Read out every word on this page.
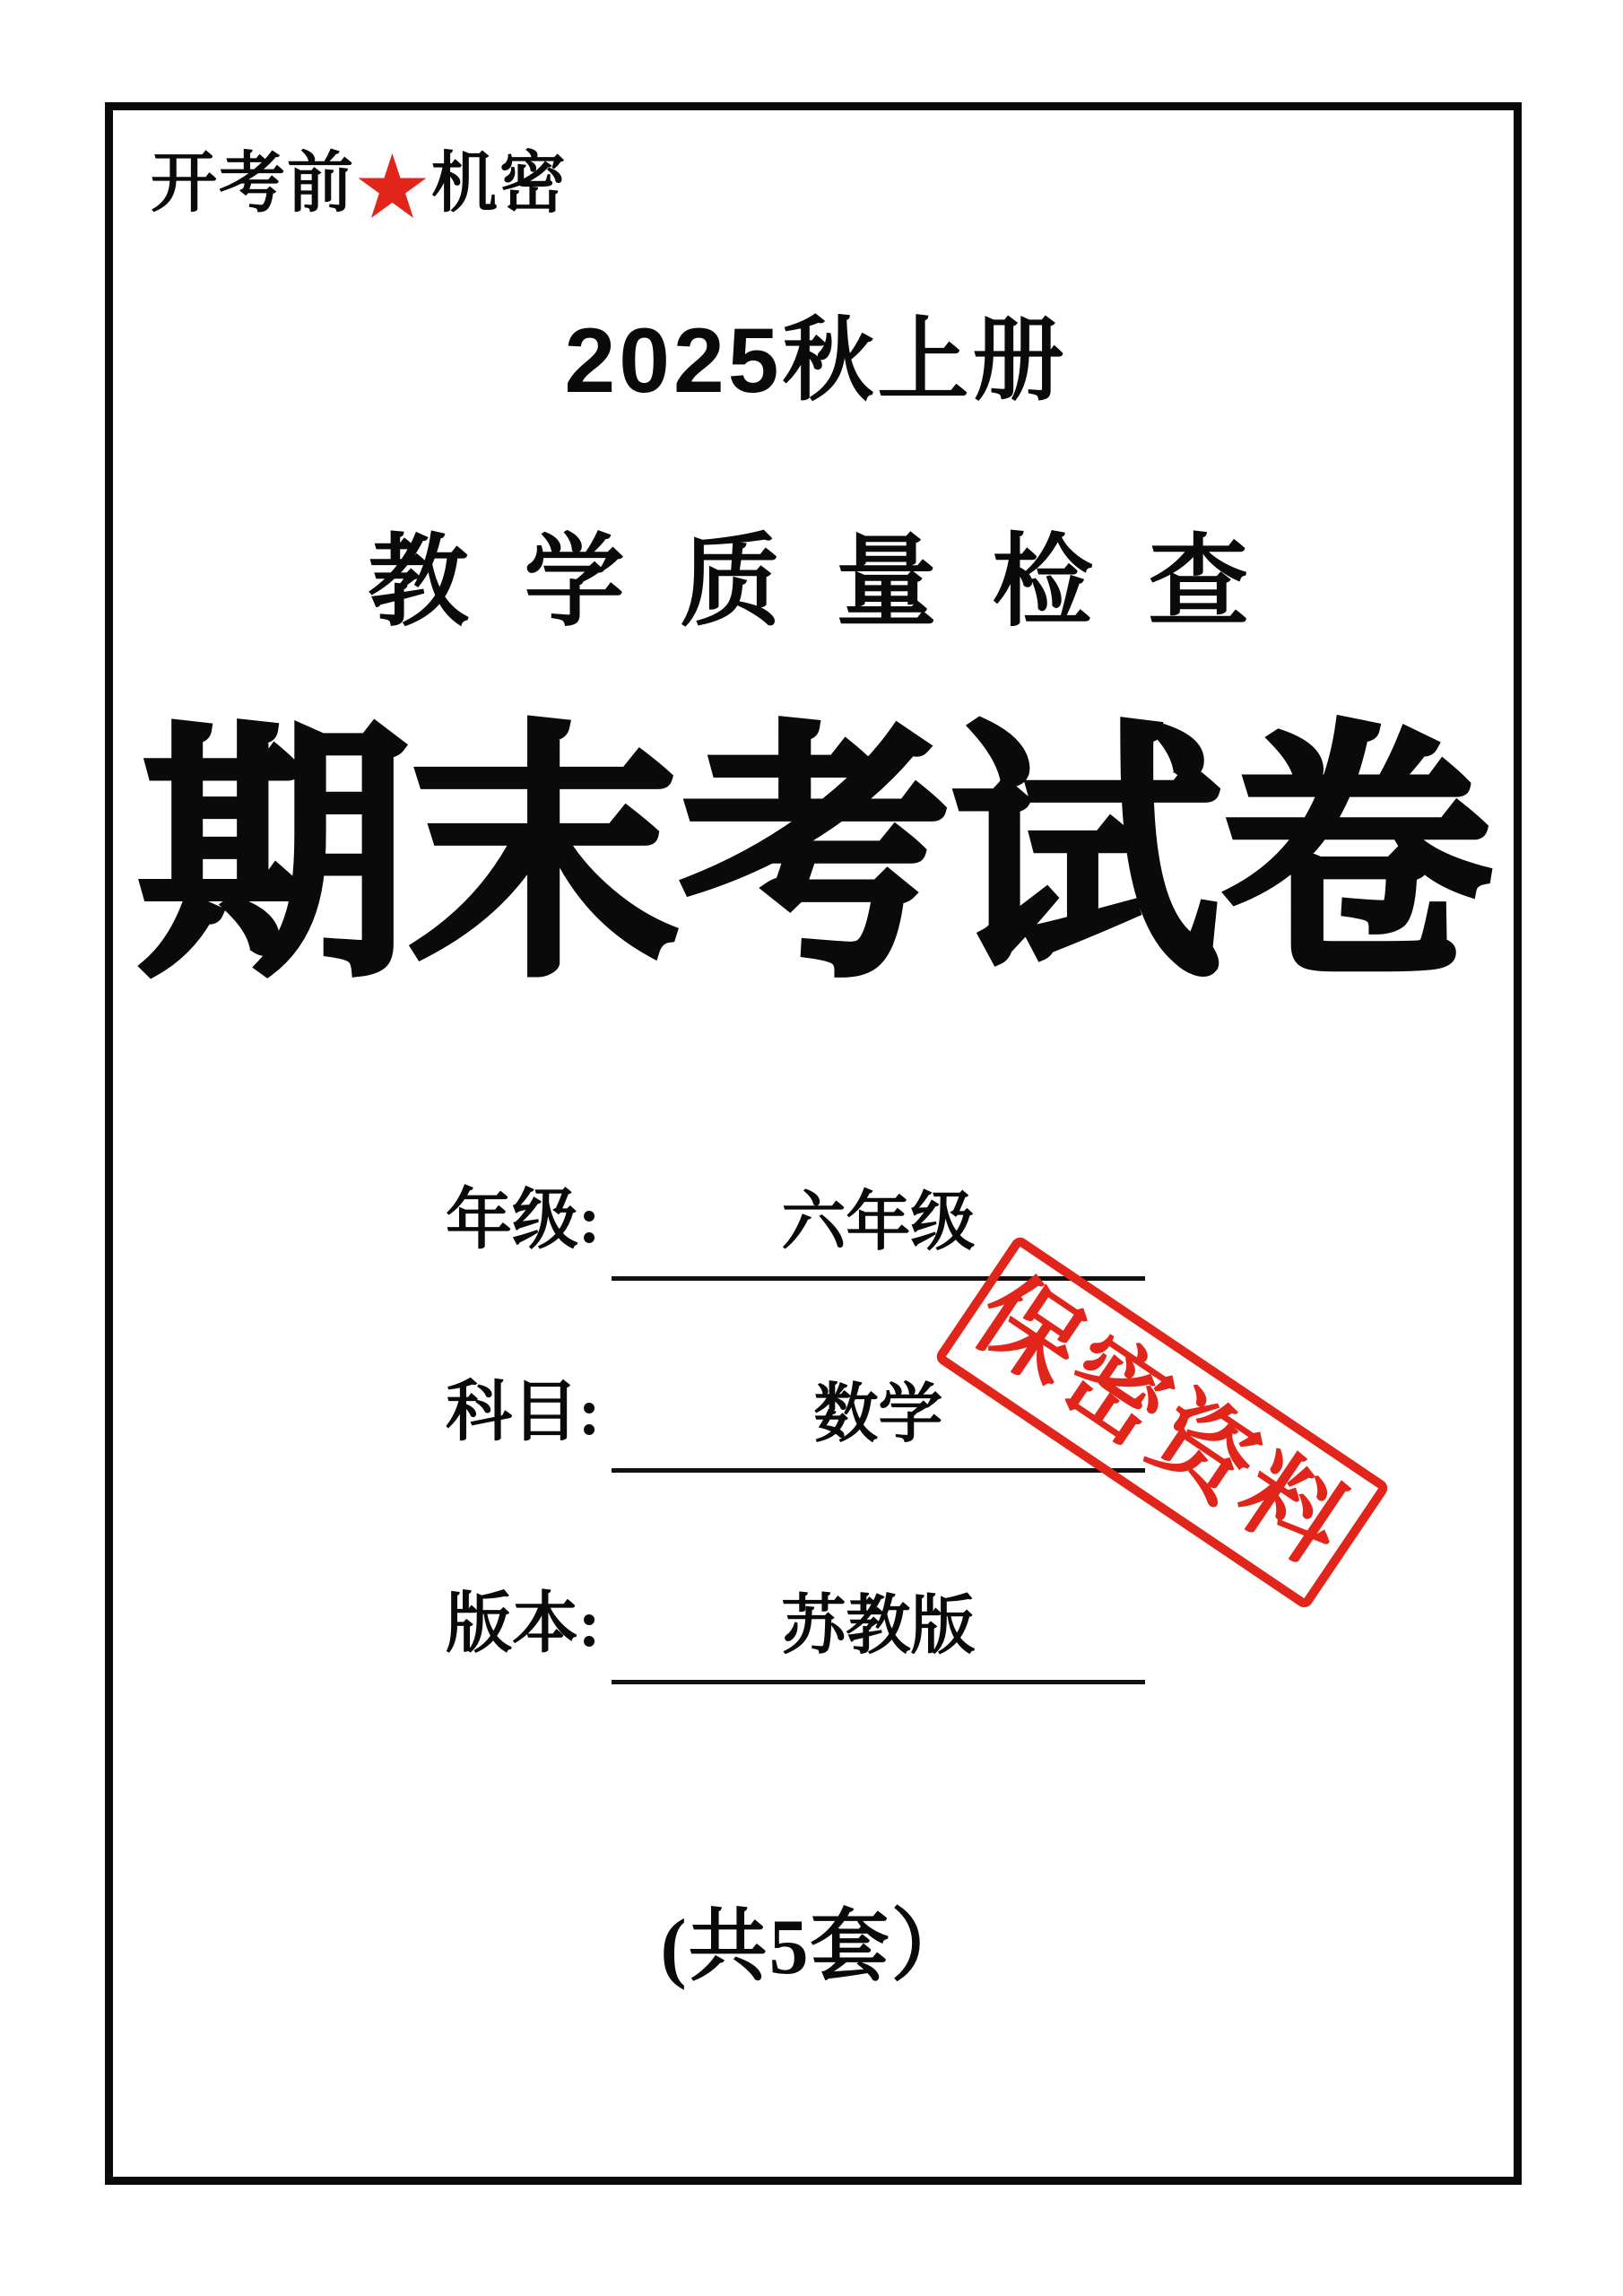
开考前★机密
2025秋上册
教 学 质 量 检 查
期末考试卷
年级:	六年级
科目:	数学
版本:	苏教版
保密资料
(共5套）
